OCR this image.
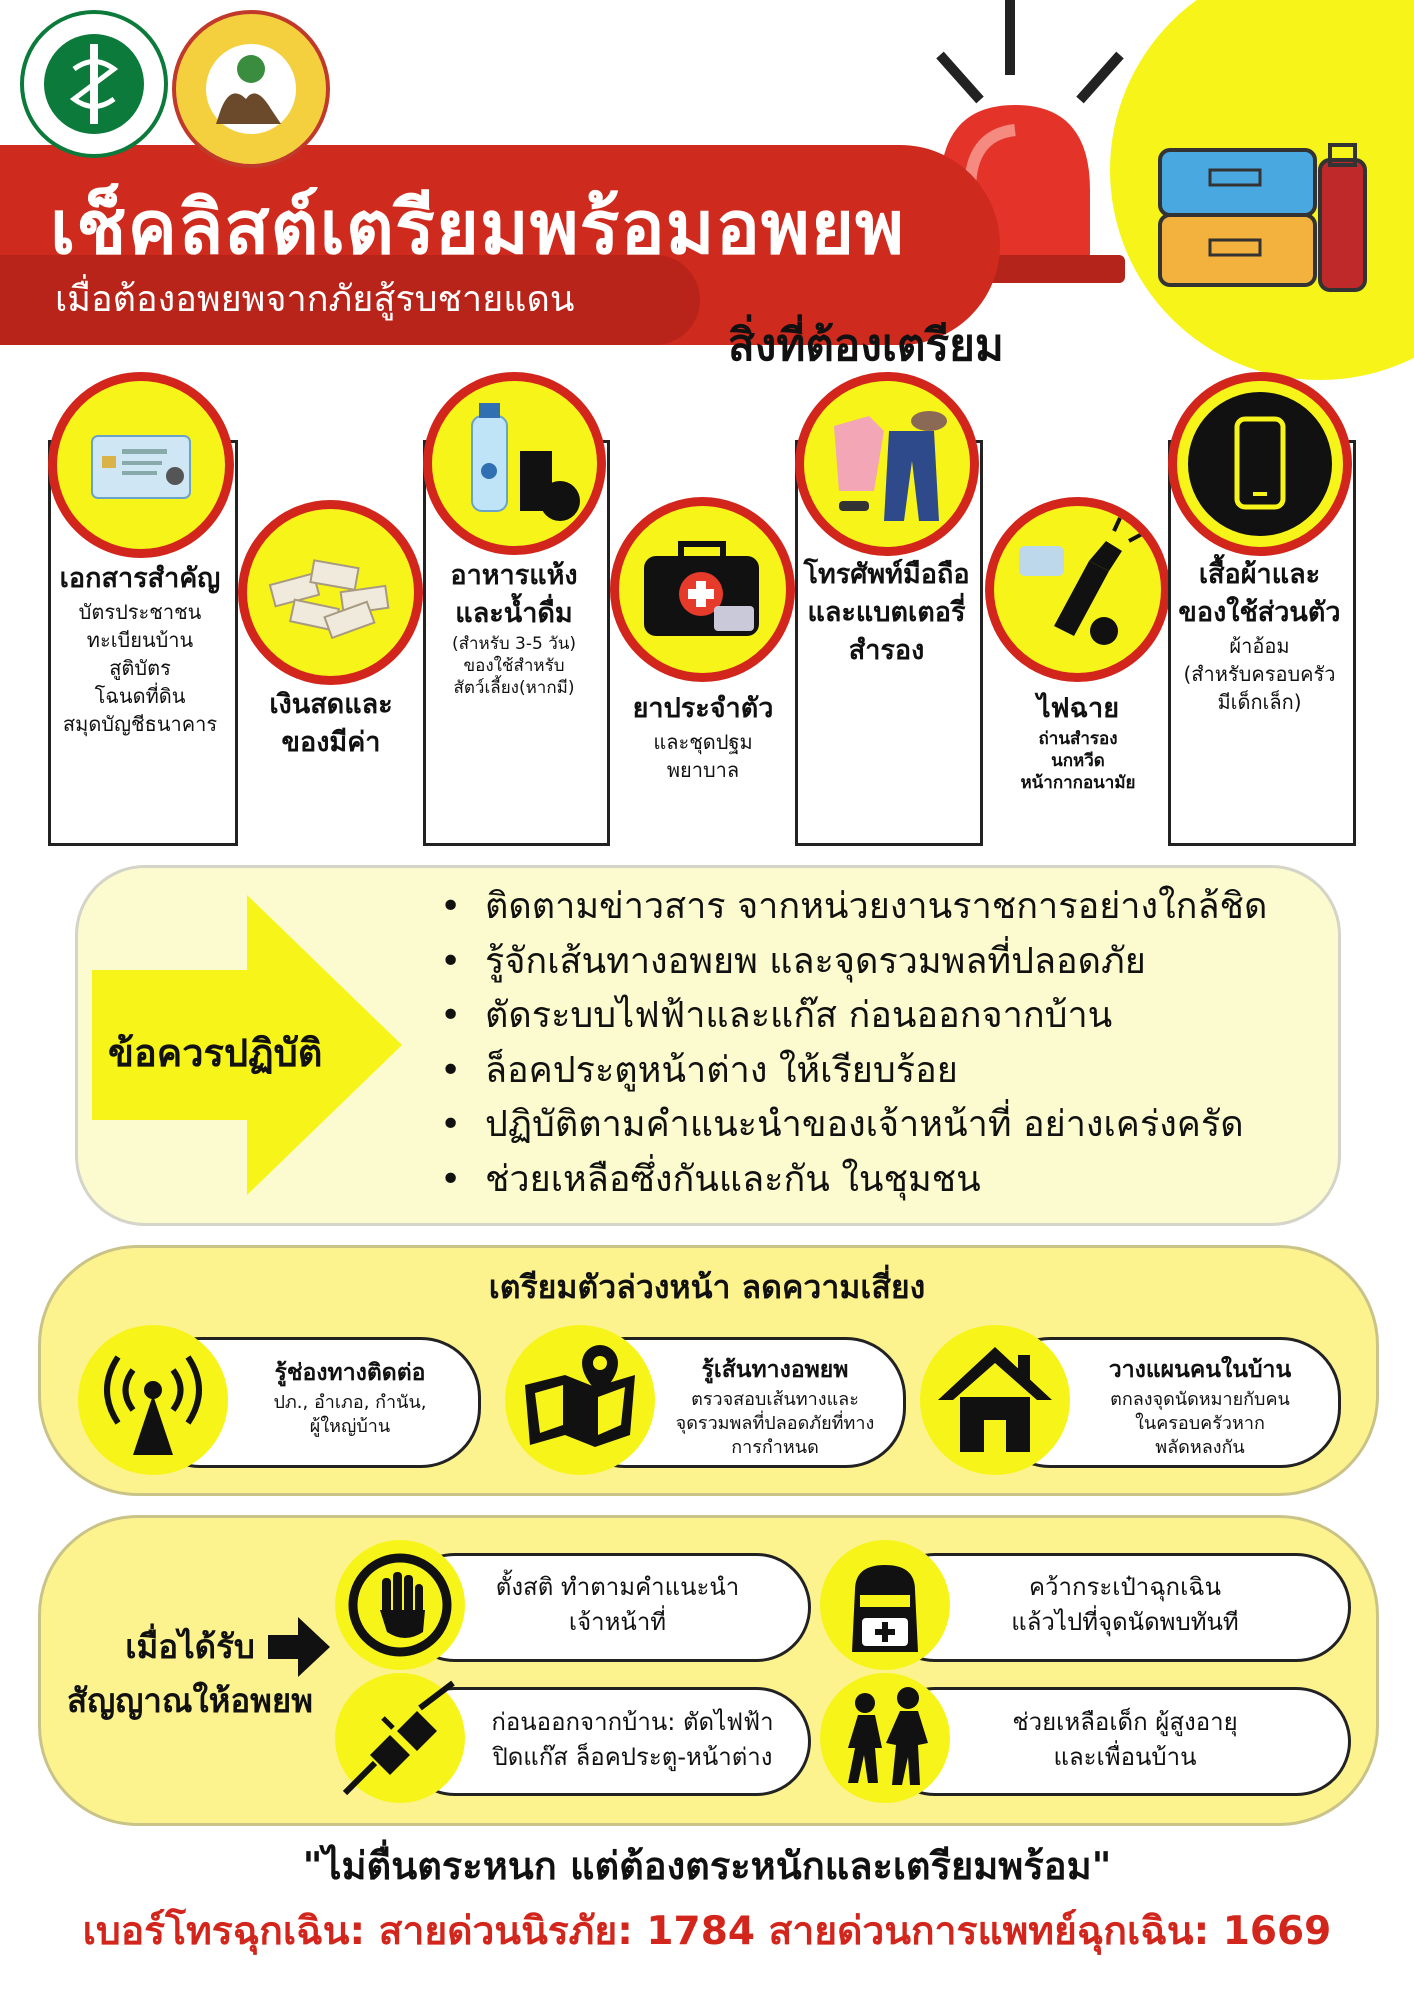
เช็คลิสต์เตรียมพร้อมอพยพ
เมื่อต้องอพยพจากภัยสู้รบชายแดน
สิ่งที่ต้องเตรียม
เอกสารสำคัญ
บัตรประชาชน
ทะเบียนบ้าน
สูติบัตร
โฉนดที่ดิน
สมุดบัญชีธนาคาร
เงินสดและ
ของมีค่า
อาหารแห้ง
และน้ำดื่ม
(สำหรับ 3-5 วัน)
ของใช้สำหรับ
สัตว์เลี้ยง(หากมี)
ยาประจำตัว
และชุดปฐม
พยาบาล
โทรศัพท์มือถือ
และแบตเตอรี่
สำรอง
ไฟฉาย
ถ่านสำรอง
นกหวีด
หน้ากากอนามัย
เสื้อผ้าและ
ของใช้ส่วนตัว
ผ้าอ้อม
(สำหรับครอบครัว
มีเด็กเล็ก)
ข้อควรปฏิบัติ
• ติดตามข่าวสาร จากหน่วยงานราชการอย่างใกล้ชิด
• รู้จักเส้นทางอพยพ และจุดรวมพลที่ปลอดภัย
• ตัดระบบไฟฟ้าและแก๊ส ก่อนออกจากบ้าน
• ล็อคประตูหน้าต่าง ให้เรียบร้อย
• ปฏิบัติตามคำแนะนำของเจ้าหน้าที่ อย่างเคร่งครัด
• ช่วยเหลือซึ่งกันและกัน ในชุมชน
เตรียมตัวล่วงหน้า ลดความเสี่ยง
รู้ช่องทางติดต่อ
ปภ., อำเภอ, กำนัน,
ผู้ใหญ่บ้าน
รู้เส้นทางอพยพ
ตรวจสอบเส้นทางและ
จุดรวมพลที่ปลอดภัยที่ทาง
การกำหนด
วางแผนคนในบ้าน
ตกลงจุดนัดหมายกับคน
ในครอบครัวหาก
พลัดหลงกัน
เมื่อได้รับ
สัญญาณให้อพยพ
ตั้งสติ ทำตามคำแนะนำ
เจ้าหน้าที่
คว้ากระเป๋าฉุกเฉิน
แล้วไปที่จุดนัดพบทันที
ก่อนออกจากบ้าน: ตัดไฟฟ้า
ปิดแก๊ส ล็อคประตู-หน้าต่าง
ช่วยเหลือเด็ก ผู้สูงอายุ
และเพื่อนบ้าน
"ไม่ตื่นตระหนก แต่ต้องตระหนักและเตรียมพร้อม"
เบอร์โทรฉุกเฉิน: สายด่วนนิรภัย: 1784 สายด่วนการแพทย์ฉุกเฉิน: 1669
